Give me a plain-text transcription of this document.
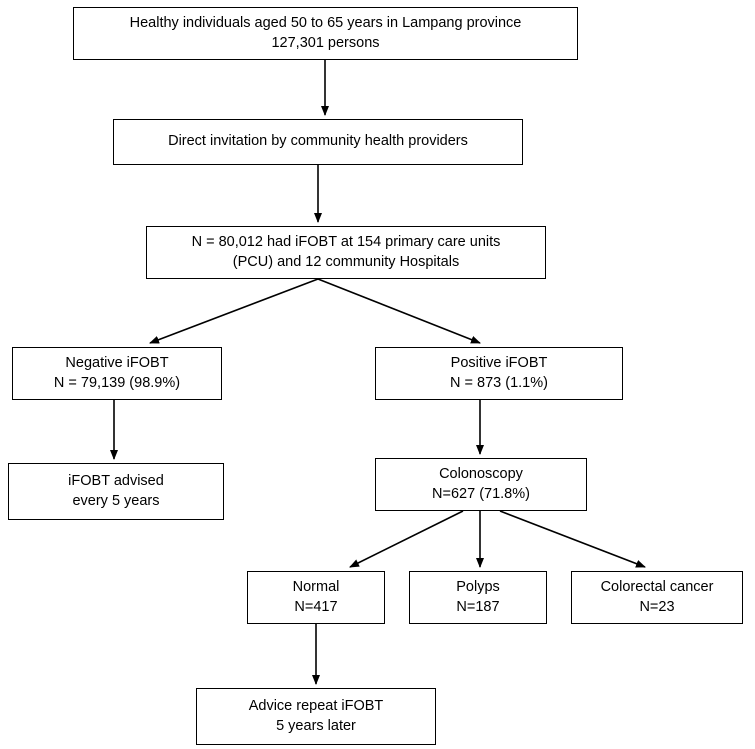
Healthy individuals aged 50 to 65 years in Lampang province
127,301 persons
Direct invitation by community health providers
N = 80,012 had iFOBT at 154 primary care units
(PCU) and 12 community Hospitals
Negative iFOBT
N = 79,139 (98.9%)
Positive iFOBT
N = 873 (1.1%)
iFOBT advised
every 5 years
Colonoscopy
N=627 (71.8%)
Normal
N=417
Polyps
N=187
Colorectal cancer
N=23
Advice repeat iFOBT
5 years later
